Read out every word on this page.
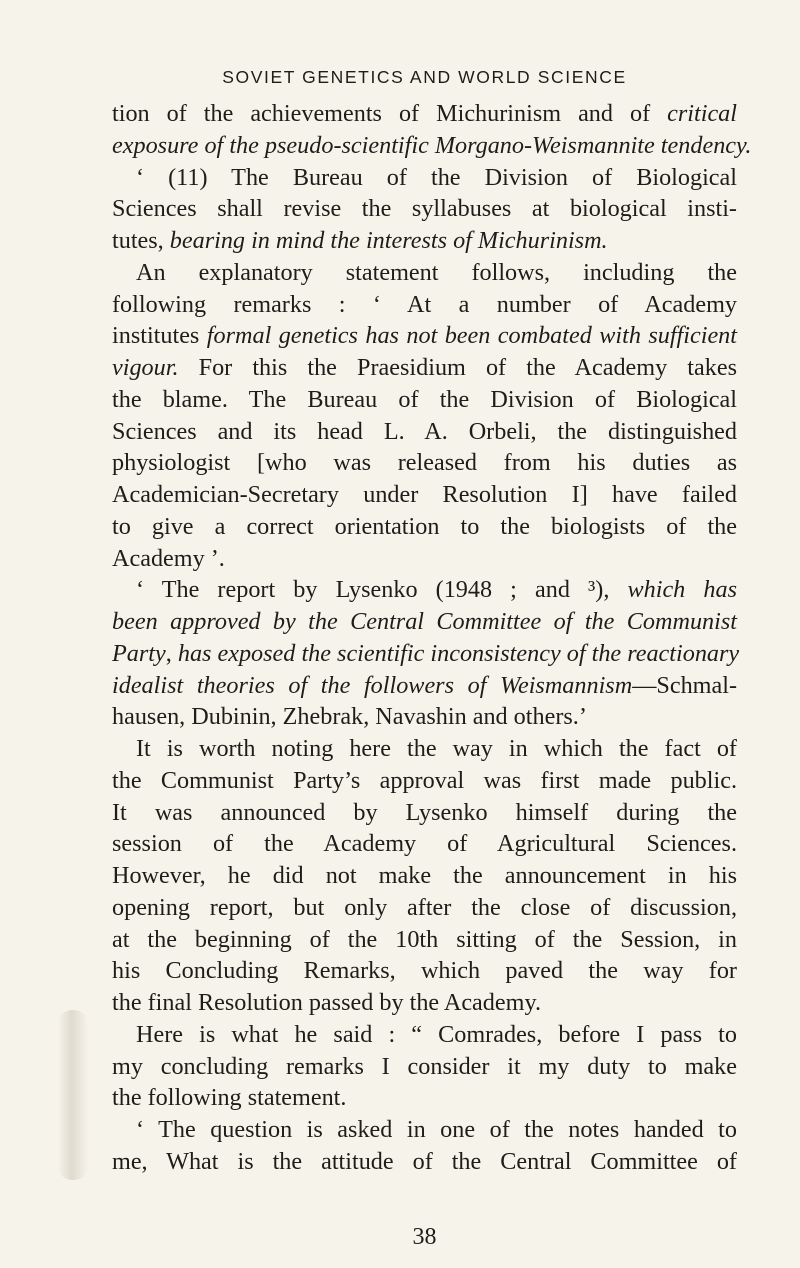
SOVIET GENETICS AND WORLD SCIENCE
tion of the achievements of Michurinism and of critical
exposure of the pseudo-scientific Morgano-Weismannite tendency.
‘ (11) The Bureau of the Division of Biological
Sciences shall revise the syllabuses at biological insti-
tutes, bearing in mind the interests of Michurinism.
An explanatory statement follows, including the
following remarks : ‘ At a number of Academy
institutes formal genetics has not been combated with sufficient
vigour. For this the Praesidium of the Academy takes
the blame. The Bureau of the Division of Biological
Sciences and its head L. A. Orbeli, the distinguished
physiologist [who was released from his duties as
Academician-Secretary under Resolution I] have failed
to give a correct orientation to the biologists of the
Academy ’.
‘ The report by Lysenko (1948 ; and ³), which has
been approved by the Central Committee of the Communist
Party, has exposed the scientific inconsistency of the reactionary
idealist theories of the followers of Weismannism—Schmal-
hausen, Dubinin, Zhebrak, Navashin and others.’
It is worth noting here the way in which the fact of
the Communist Party’s approval was first made public.
It was announced by Lysenko himself during the
session of the Academy of Agricultural Sciences.
However, he did not make the announcement in his
opening report, but only after the close of discussion,
at the beginning of the 10th sitting of the Session, in
his Concluding Remarks, which paved the way for
the final Resolution passed by the Academy.
Here is what he said : “ Comrades, before I pass to
my concluding remarks I consider it my duty to make
the following statement.
‘ The question is asked in one of the notes handed to
me, What is the attitude of the Central Committee of
38
